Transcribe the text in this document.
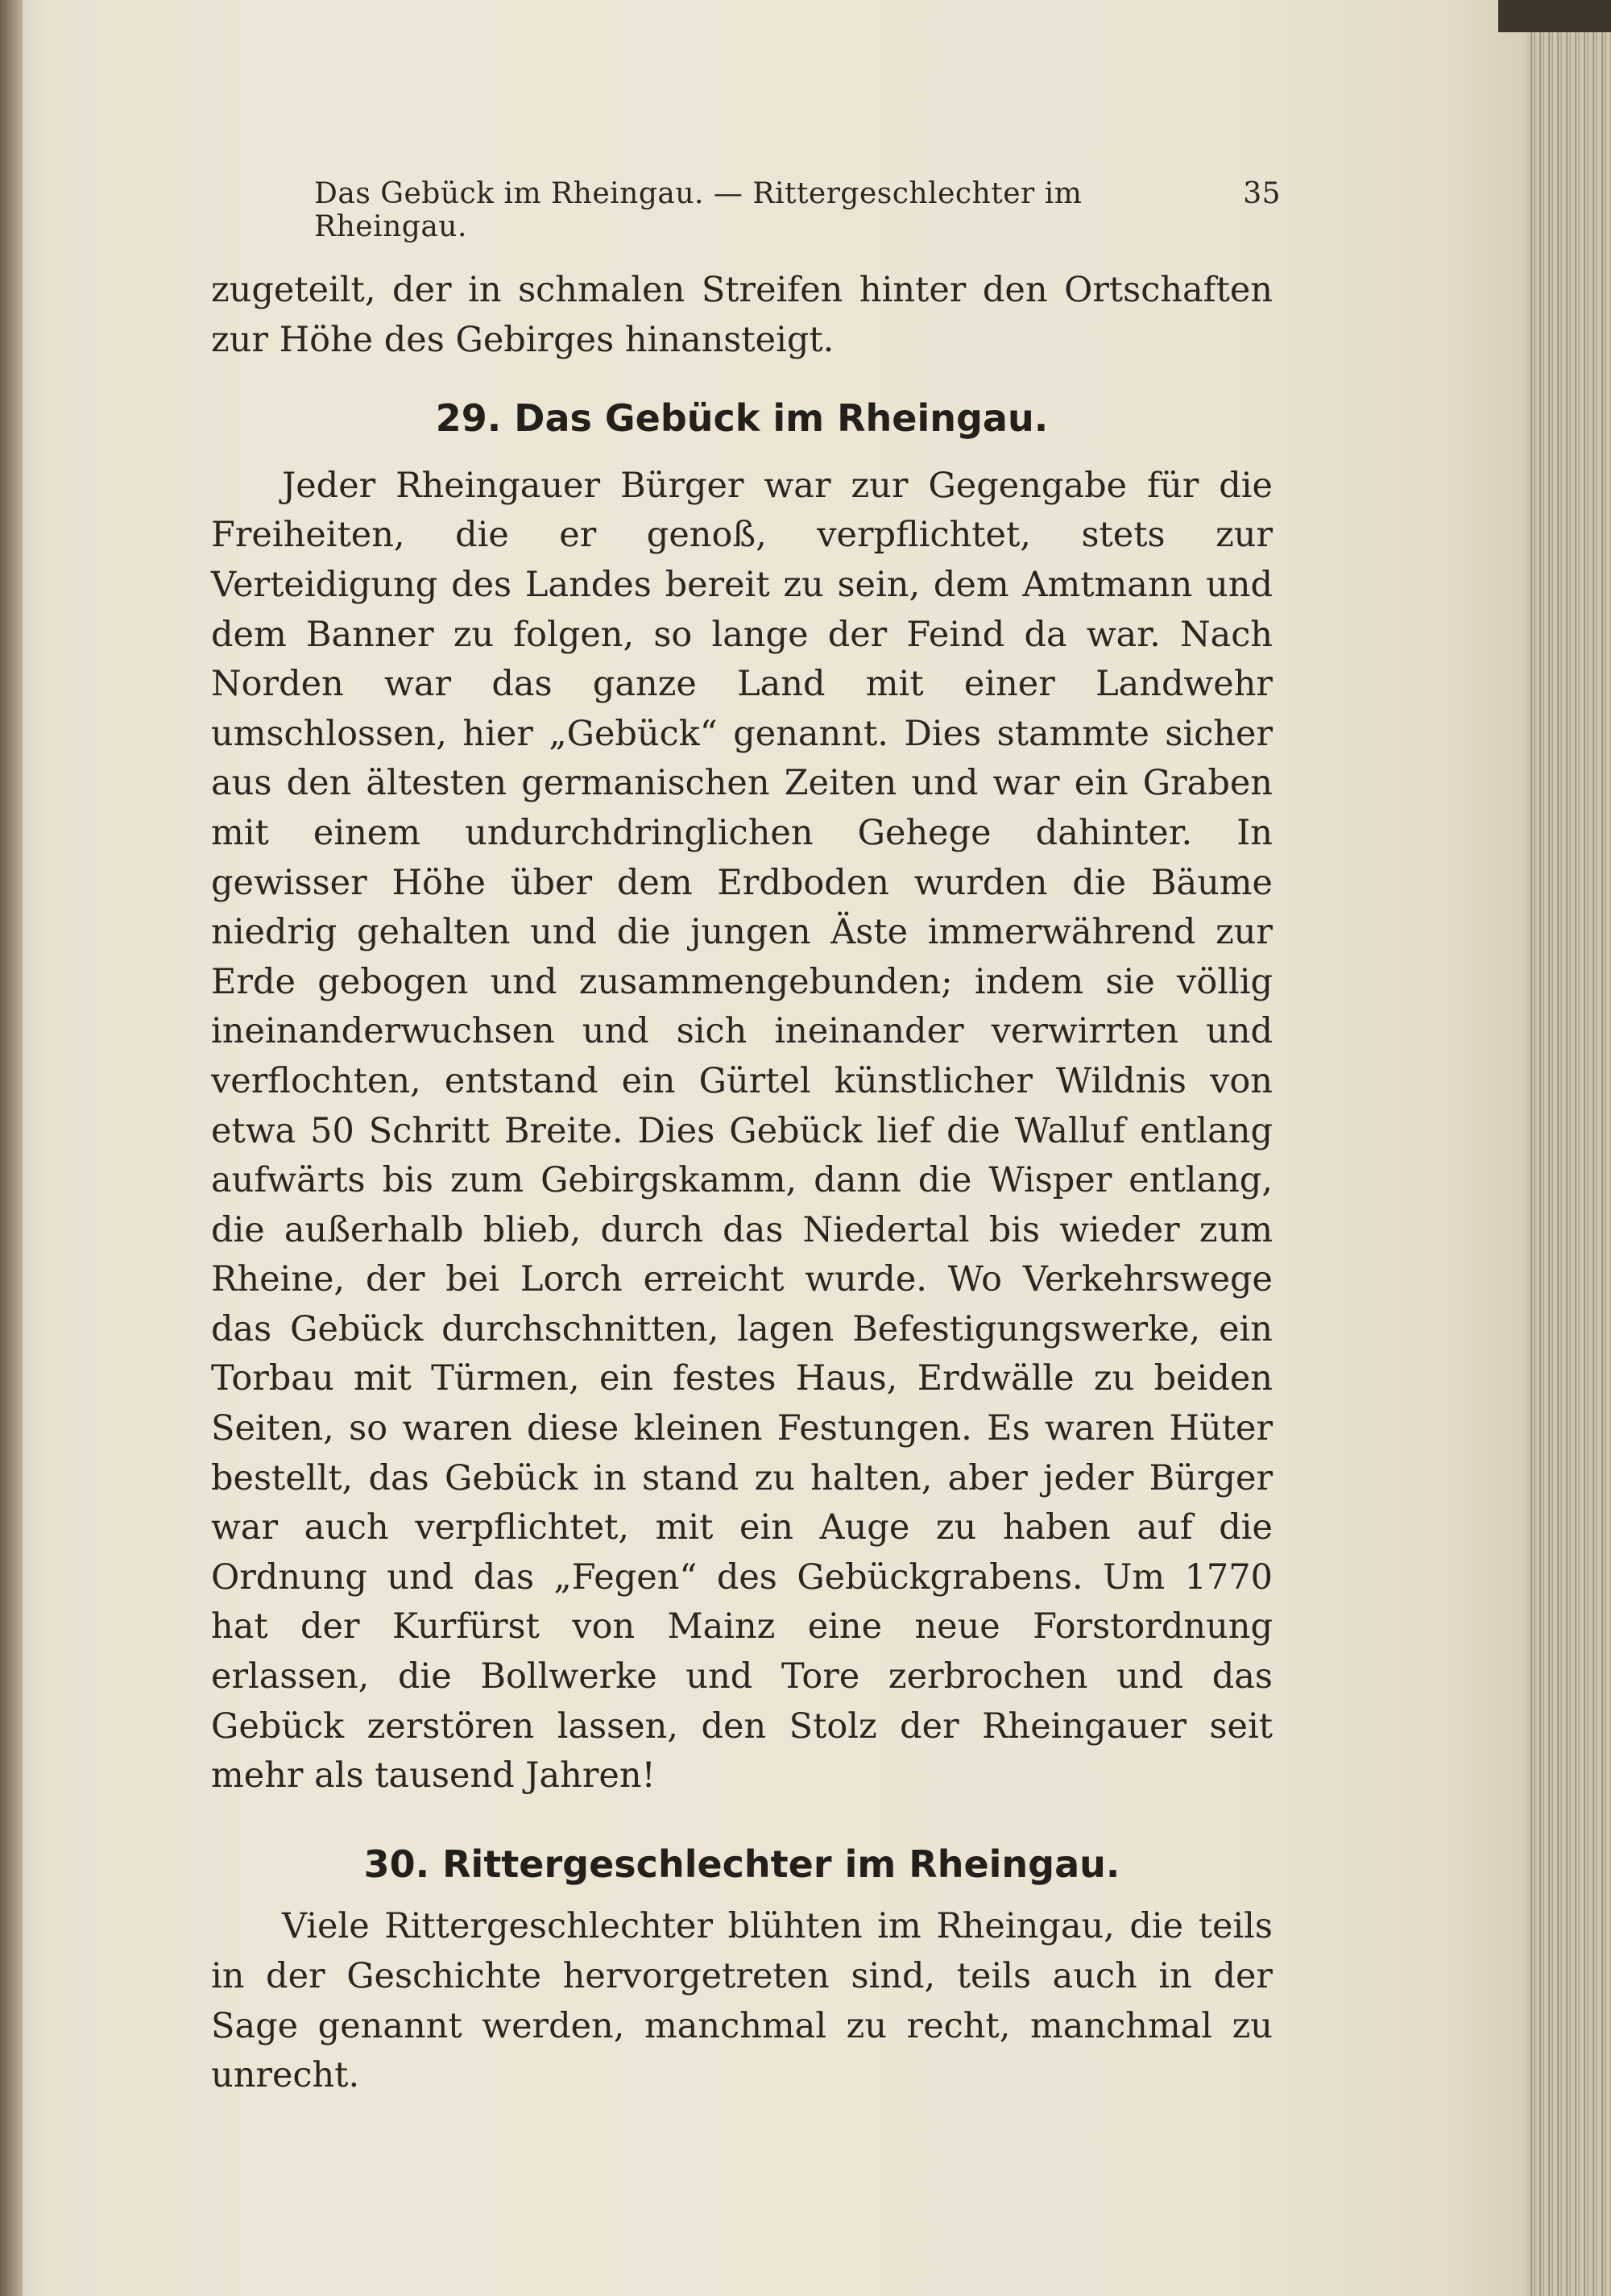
Das Gebück im Rheingau. — Rittergeschlechter im Rheingau.
35

zugeteilt, der in schmalen Streifen hinter den Ortschaften zur Höhe des Gebirges hinansteigt.

29. Das Gebück im Rheingau.

Jeder Rheingauer Bürger war zur Gegengabe für die Freiheiten, die er genoß, verpflichtet, stets zur Verteidigung des Landes bereit zu sein, dem Amtmann und dem Banner zu folgen, so lange der Feind da war. Nach Norden war das ganze Land mit einer Landwehr umschlossen, hier „Gebück“ genannt. Dies stammte sicher aus den ältesten germanischen Zeiten und war ein Graben mit einem undurchdringlichen Gehege dahinter. In gewisser Höhe über dem Erdboden wurden die Bäume niedrig gehalten und die jungen Äste immerwährend zur Erde gebogen und zusammengebunden; indem sie völlig ineinanderwuchsen und sich ineinander verwirrten und verflochten, entstand ein Gürtel künstlicher Wildnis von etwa 50 Schritt Breite. Dies Gebück lief die Walluf entlang aufwärts bis zum Gebirgskamm, dann die Wisper entlang, die außerhalb blieb, durch das Niedertal bis wieder zum Rheine, der bei Lorch erreicht wurde. Wo Verkehrswege das Gebück durchschnitten, lagen Befestigungswerke, ein Torbau mit Türmen, ein festes Haus, Erdwälle zu beiden Seiten, so waren diese kleinen Festungen. Es waren Hüter bestellt, das Gebück in stand zu halten, aber jeder Bürger war auch verpflichtet, mit ein Auge zu haben auf die Ordnung und das „Fegen“ des Gebückgrabens. Um 1770 hat der Kurfürst von Mainz eine neue Forstordnung erlassen, die Bollwerke und Tore zerbrochen und das Gebück zerstören lassen, den Stolz der Rheingauer seit mehr als tausend Jahren!

30. Rittergeschlechter im Rheingau.

Viele Rittergeschlechter blühten im Rheingau, die teils in der Geschichte hervorgetreten sind, teils auch in der Sage genannt werden, manchmal zu recht, manchmal zu unrecht.
